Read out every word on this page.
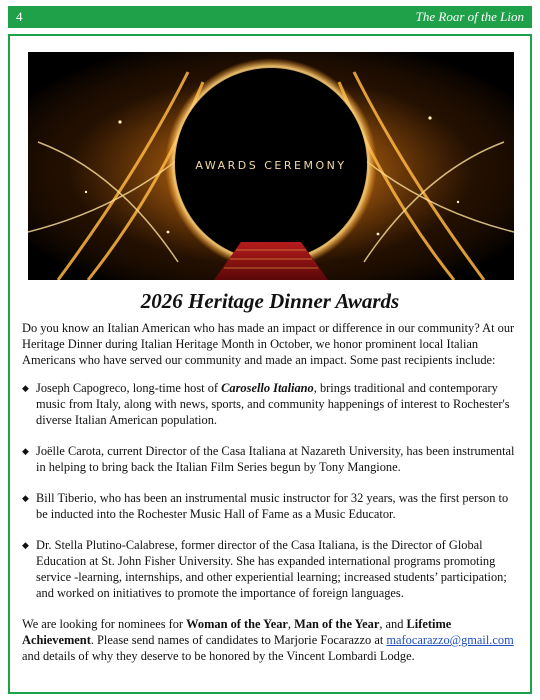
4	The Roar of the Lion
AWARDS CEREMONY
2026 Heritage Dinner Awards

Do you know an Italian American who has made an impact or difference in our community? At our Heritage Dinner during Italian Heritage Month in October, we honor prominent local Italian Americans who have served our community and made an impact. Some past recipients include:

◆ Joseph Capogreco, long-time host of Carosello Italiano, brings traditional and contemporary music from Italy, along with news, sports, and community happenings of interest to Rochester's diverse Italian American population.
◆ Joëlle Carota, current Director of the Casa Italiana at Nazareth University, has been instrumental in helping to bring back the Italian Film Series begun by Tony Mangione.
◆ Bill Tiberio, who has been an instrumental music instructor for 32 years, was the first person to be inducted into the Rochester Music Hall of Fame as a Music Educator.
◆ Dr. Stella Plutino-Calabrese, former director of the Casa Italiana, is the Director of Global Education at St. John Fisher University. She has expanded international programs promoting service -learning, internships, and other experiential learning; increased students’ participation; and worked on initiatives to promote the importance of foreign languages.

We are looking for nominees for Woman of the Year, Man of the Year, and Lifetime Achievement. Please send names of candidates to Marjorie Focarazzo at mafocarazzo@gmail.com and details of why they deserve to be honored by the Vincent Lombardi Lodge.
